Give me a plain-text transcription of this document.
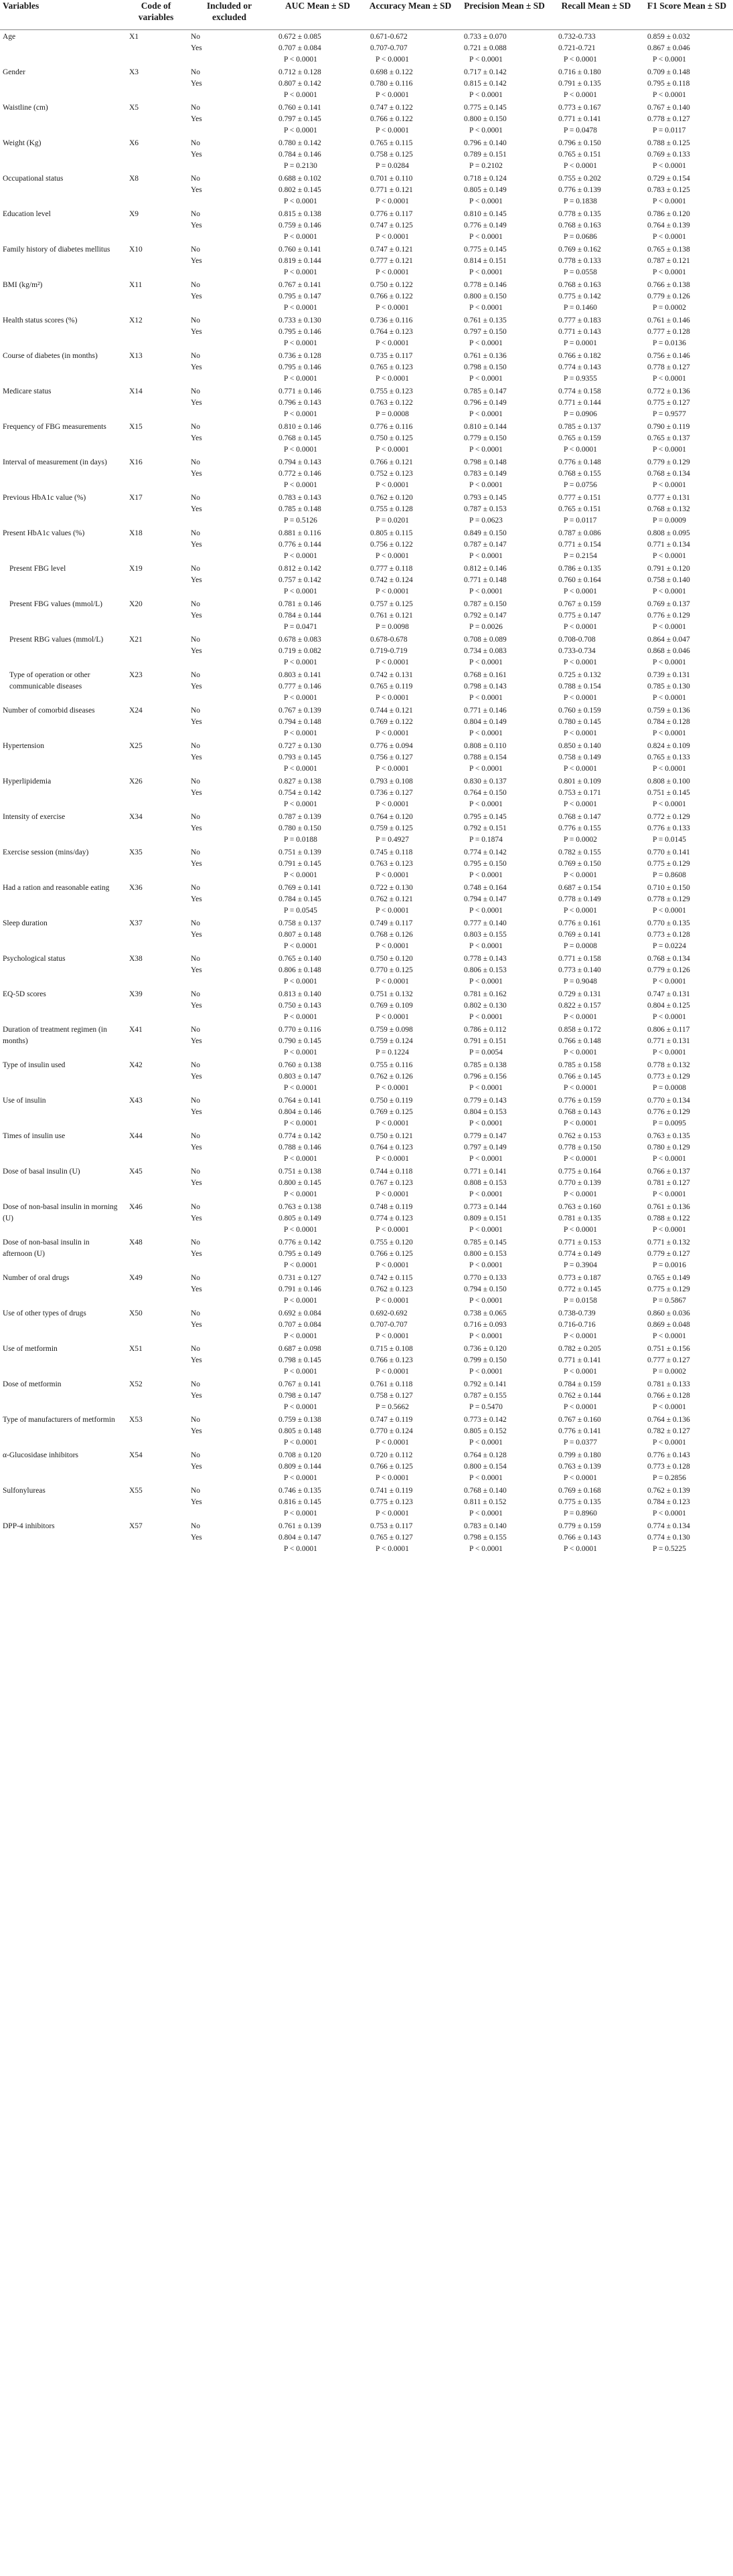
Variables	Code of variables	Included or excluded	AUC Mean ± SD	Accuracy Mean ± SD	Precision Mean ± SD	Recall Mean ± SD	F1 Score Mean ± SD
Age	X1	No	0.672 ± 0.085	0.671-0.672	0.733 ± 0.070	0.732-0.733	0.859 ± 0.032
		Yes	0.707 ± 0.084	0.707-0.707	0.721 ± 0.088	0.721-0.721	0.867 ± 0.046
			P < 0.0001	P < 0.0001	P < 0.0001	P < 0.0001	P < 0.0001
Gender	X3	No	0.712 ± 0.128	0.698 ± 0.122	0.717 ± 0.142	0.716 ± 0.180	0.709 ± 0.148
		Yes	0.807 ± 0.142	0.780 ± 0.116	0.815 ± 0.142	0.791 ± 0.135	0.795 ± 0.118
			P < 0.0001	P < 0.0001	P < 0.0001	P < 0.0001	P < 0.0001
Waistline (cm)	X5	No	0.760 ± 0.141	0.747 ± 0.122	0.775 ± 0.145	0.773 ± 0.167	0.767 ± 0.140
		Yes	0.797 ± 0.145	0.766 ± 0.122	0.800 ± 0.150	0.771 ± 0.141	0.778 ± 0.127
			P < 0.0001	P < 0.0001	P < 0.0001	P = 0.0478	P = 0.0117
Weight (Kg)	X6	No	0.780 ± 0.142	0.765 ± 0.115	0.796 ± 0.140	0.796 ± 0.150	0.788 ± 0.125
		Yes	0.784 ± 0.146	0.758 ± 0.125	0.789 ± 0.151	0.765 ± 0.151	0.769 ± 0.133
			P = 0.2130	P = 0.0284	P = 0.2102	P < 0.0001	P < 0.0001
Occupational status	X8	No	0.688 ± 0.102	0.701 ± 0.110	0.718 ± 0.124	0.755 ± 0.202	0.729 ± 0.154
		Yes	0.802 ± 0.145	0.771 ± 0.121	0.805 ± 0.149	0.776 ± 0.139	0.783 ± 0.125
			P < 0.0001	P < 0.0001	P < 0.0001	P = 0.1838	P < 0.0001
Education level	X9	No	0.815 ± 0.138	0.776 ± 0.117	0.810 ± 0.145	0.778 ± 0.135	0.786 ± 0.120
		Yes	0.759 ± 0.146	0.747 ± 0.125	0.776 ± 0.149	0.768 ± 0.163	0.764 ± 0.139
			P < 0.0001	P < 0.0001	P < 0.0001	P = 0.0686	P < 0.0001
Family history of diabetes mellitus	X10	No	0.760 ± 0.141	0.747 ± 0.121	0.775 ± 0.145	0.769 ± 0.162	0.765 ± 0.138
		Yes	0.819 ± 0.144	0.777 ± 0.121	0.814 ± 0.151	0.778 ± 0.133	0.787 ± 0.121
			P < 0.0001	P < 0.0001	P < 0.0001	P = 0.0558	P < 0.0001
BMI (kg/m²)	X11	No	0.767 ± 0.141	0.750 ± 0.122	0.778 ± 0.146	0.768 ± 0.163	0.766 ± 0.138
		Yes	0.795 ± 0.147	0.766 ± 0.122	0.800 ± 0.150	0.775 ± 0.142	0.779 ± 0.126
			P < 0.0001	P < 0.0001	P < 0.0001	P = 0.1460	P = 0.0002
Health status scores (%)	X12	No	0.733 ± 0.130	0.736 ± 0.116	0.761 ± 0.135	0.777 ± 0.183	0.761 ± 0.146
		Yes	0.795 ± 0.146	0.764 ± 0.123	0.797 ± 0.150	0.771 ± 0.143	0.777 ± 0.128
			P < 0.0001	P < 0.0001	P < 0.0001	P = 0.0001	P = 0.0136
Course of diabetes (in months)	X13	No	0.736 ± 0.128	0.735 ± 0.117	0.761 ± 0.136	0.766 ± 0.182	0.756 ± 0.146
		Yes	0.795 ± 0.146	0.765 ± 0.123	0.798 ± 0.150	0.774 ± 0.143	0.778 ± 0.127
			P < 0.0001	P < 0.0001	P < 0.0001	P = 0.9355	P < 0.0001
Medicare status	X14	No	0.771 ± 0.146	0.755 ± 0.123	0.785 ± 0.147	0.774 ± 0.158	0.772 ± 0.136
		Yes	0.796 ± 0.143	0.763 ± 0.122	0.796 ± 0.149	0.771 ± 0.144	0.775 ± 0.127
			P < 0.0001	P = 0.0008	P < 0.0001	P = 0.0906	P = 0.9577
Frequency of FBG measurements	X15	No	0.810 ± 0.146	0.776 ± 0.116	0.810 ± 0.144	0.785 ± 0.137	0.790 ± 0.119
		Yes	0.768 ± 0.145	0.750 ± 0.125	0.779 ± 0.150	0.765 ± 0.159	0.765 ± 0.137
			P < 0.0001	P < 0.0001	P < 0.0001	P < 0.0001	P < 0.0001
Interval of measurement (in days)	X16	No	0.794 ± 0.143	0.766 ± 0.121	0.798 ± 0.148	0.776 ± 0.148	0.779 ± 0.129
		Yes	0.772 ± 0.146	0.752 ± 0.123	0.783 ± 0.149	0.768 ± 0.155	0.768 ± 0.134
			P < 0.0001	P < 0.0001	P < 0.0001	P = 0.0756	P < 0.0001
Previous HbA1c value (%)	X17	No	0.783 ± 0.143	0.762 ± 0.120	0.793 ± 0.145	0.777 ± 0.151	0.777 ± 0.131
		Yes	0.785 ± 0.148	0.755 ± 0.128	0.787 ± 0.153	0.765 ± 0.151	0.768 ± 0.132
			P = 0.5126	P = 0.0201	P = 0.0623	P = 0.0117	P = 0.0009
Present HbA1c values (%)	X18	No	0.881 ± 0.116	0.805 ± 0.115	0.849 ± 0.150	0.787 ± 0.086	0.808 ± 0.095
		Yes	0.776 ± 0.144	0.756 ± 0.122	0.787 ± 0.147	0.771 ± 0.154	0.771 ± 0.134
			P < 0.0001	P < 0.0001	P < 0.0001	P = 0.2154	P < 0.0001
Present FBG level	X19	No	0.812 ± 0.142	0.777 ± 0.118	0.812 ± 0.146	0.786 ± 0.135	0.791 ± 0.120
		Yes	0.757 ± 0.142	0.742 ± 0.124	0.771 ± 0.148	0.760 ± 0.164	0.758 ± 0.140
			P < 0.0001	P < 0.0001	P < 0.0001	P < 0.0001	P < 0.0001
Present FBG values (mmol/L)	X20	No	0.781 ± 0.146	0.757 ± 0.125	0.787 ± 0.150	0.767 ± 0.159	0.769 ± 0.137
		Yes	0.784 ± 0.144	0.761 ± 0.121	0.792 ± 0.147	0.775 ± 0.147	0.776 ± 0.129
			P = 0.0471	P = 0.0098	P = 0.0026	P < 0.0001	P < 0.0001
Present RBG values (mmol/L)	X21	No	0.678 ± 0.083	0.678-0.678	0.708 ± 0.089	0.708-0.708	0.864 ± 0.047
		Yes	0.719 ± 0.082	0.719-0.719	0.734 ± 0.083	0.733-0.734	0.868 ± 0.046
			P < 0.0001	P < 0.0001	P < 0.0001	P < 0.0001	P < 0.0001
Type of operation or other communicable diseases	X23	No	0.803 ± 0.141	0.742 ± 0.131	0.768 ± 0.161	0.725 ± 0.132	0.739 ± 0.131
		Yes	0.777 ± 0.146	0.765 ± 0.119	0.798 ± 0.143	0.788 ± 0.154	0.785 ± 0.130
			P < 0.0001	P < 0.0001	P < 0.0001	P < 0.0001	P < 0.0001
Number of comorbid diseases	X24	No	0.767 ± 0.139	0.744 ± 0.121	0.771 ± 0.146	0.760 ± 0.159	0.759 ± 0.136
		Yes	0.794 ± 0.148	0.769 ± 0.122	0.804 ± 0.149	0.780 ± 0.145	0.784 ± 0.128
			P < 0.0001	P < 0.0001	P < 0.0001	P < 0.0001	P < 0.0001
Hypertension	X25	No	0.727 ± 0.130	0.776 ± 0.094	0.808 ± 0.110	0.850 ± 0.140	0.824 ± 0.109
		Yes	0.793 ± 0.145	0.756 ± 0.127	0.788 ± 0.154	0.758 ± 0.149	0.765 ± 0.133
			P < 0.0001	P < 0.0001	P < 0.0001	P < 0.0001	P < 0.0001
Hyperlipidemia	X26	No	0.827 ± 0.138	0.793 ± 0.108	0.830 ± 0.137	0.801 ± 0.109	0.808 ± 0.100
		Yes	0.754 ± 0.142	0.736 ± 0.127	0.764 ± 0.150	0.753 ± 0.171	0.751 ± 0.145
			P < 0.0001	P < 0.0001	P < 0.0001	P < 0.0001	P < 0.0001
Intensity of exercise	X34	No	0.787 ± 0.139	0.764 ± 0.120	0.795 ± 0.145	0.768 ± 0.147	0.772 ± 0.129
		Yes	0.780 ± 0.150	0.759 ± 0.125	0.792 ± 0.151	0.776 ± 0.155	0.776 ± 0.133
			P = 0.0188	P = 0.4927	P = 0.1874	P = 0.0002	P = 0.0145
Exercise session (mins/day)	X35	No	0.751 ± 0.139	0.745 ± 0.118	0.774 ± 0.142	0.782 ± 0.155	0.770 ± 0.141
		Yes	0.791 ± 0.145	0.763 ± 0.123	0.795 ± 0.150	0.769 ± 0.150	0.775 ± 0.129
			P < 0.0001	P < 0.0001	P < 0.0001	P < 0.0001	P = 0.8608
Had a ration and reasonable eating	X36	No	0.769 ± 0.141	0.722 ± 0.130	0.748 ± 0.164	0.687 ± 0.154	0.710 ± 0.150
		Yes	0.784 ± 0.145	0.762 ± 0.121	0.794 ± 0.147	0.778 ± 0.149	0.778 ± 0.129
			P = 0.0545	P < 0.0001	P < 0.0001	P < 0.0001	P < 0.0001
Sleep duration	X37	No	0.758 ± 0.137	0.749 ± 0.117	0.777 ± 0.140	0.776 ± 0.161	0.770 ± 0.135
		Yes	0.807 ± 0.148	0.768 ± 0.126	0.803 ± 0.155	0.769 ± 0.141	0.773 ± 0.128
			P < 0.0001	P < 0.0001	P < 0.0001	P = 0.0008	P = 0.0224
Psychological status	X38	No	0.765 ± 0.140	0.750 ± 0.120	0.778 ± 0.143	0.771 ± 0.158	0.768 ± 0.134
		Yes	0.806 ± 0.148	0.770 ± 0.125	0.806 ± 0.153	0.773 ± 0.140	0.779 ± 0.126
			P < 0.0001	P < 0.0001	P < 0.0001	P = 0.9048	P < 0.0001
EQ-5D scores	X39	No	0.813 ± 0.140	0.751 ± 0.132	0.781 ± 0.162	0.729 ± 0.131	0.747 ± 0.131
		Yes	0.750 ± 0.143	0.769 ± 0.109	0.802 ± 0.130	0.822 ± 0.157	0.804 ± 0.125
			P < 0.0001	P < 0.0001	P < 0.0001	P < 0.0001	P < 0.0001
Duration of treatment regimen (in months)	X41	No	0.770 ± 0.116	0.759 ± 0.098	0.786 ± 0.112	0.858 ± 0.172	0.806 ± 0.117
		Yes	0.790 ± 0.145	0.759 ± 0.124	0.791 ± 0.151	0.766 ± 0.148	0.771 ± 0.131
			P < 0.0001	P = 0.1224	P = 0.0054	P < 0.0001	P < 0.0001
Type of insulin used	X42	No	0.760 ± 0.138	0.755 ± 0.116	0.785 ± 0.138	0.785 ± 0.158	0.778 ± 0.132
		Yes	0.803 ± 0.147	0.762 ± 0.126	0.796 ± 0.156	0.766 ± 0.145	0.773 ± 0.129
			P < 0.0001	P < 0.0001	P < 0.0001	P < 0.0001	P = 0.0008
Use of insulin	X43	No	0.764 ± 0.141	0.750 ± 0.119	0.779 ± 0.143	0.776 ± 0.159	0.770 ± 0.134
		Yes	0.804 ± 0.146	0.769 ± 0.125	0.804 ± 0.153	0.768 ± 0.143	0.776 ± 0.129
			P < 0.0001	P < 0.0001	P < 0.0001	P < 0.0001	P = 0.0095
Times of insulin use	X44	No	0.774 ± 0.142	0.750 ± 0.121	0.779 ± 0.147	0.762 ± 0.153	0.763 ± 0.135
		Yes	0.788 ± 0.146	0.764 ± 0.123	0.797 ± 0.149	0.778 ± 0.150	0.780 ± 0.129
			P < 0.0001	P < 0.0001	P < 0.0001	P < 0.0001	P < 0.0001
Dose of basal insulin (U)	X45	No	0.751 ± 0.138	0.744 ± 0.118	0.771 ± 0.141	0.775 ± 0.164	0.766 ± 0.137
		Yes	0.800 ± 0.145	0.767 ± 0.123	0.808 ± 0.153	0.770 ± 0.139	0.781 ± 0.127
			P < 0.0001	P < 0.0001	P < 0.0001	P < 0.0001	P < 0.0001
Dose of non-basal insulin in morning (U)	X46	No	0.763 ± 0.138	0.748 ± 0.119	0.773 ± 0.144	0.763 ± 0.160	0.761 ± 0.136
		Yes	0.805 ± 0.149	0.774 ± 0.123	0.809 ± 0.151	0.781 ± 0.135	0.788 ± 0.122
			P < 0.0001	P < 0.0001	P < 0.0001	P < 0.0001	P < 0.0001
Dose of non-basal insulin in afternoon (U)	X48	No	0.776 ± 0.142	0.755 ± 0.120	0.785 ± 0.145	0.771 ± 0.153	0.771 ± 0.132
		Yes	0.795 ± 0.149	0.766 ± 0.125	0.800 ± 0.153	0.774 ± 0.149	0.779 ± 0.127
			P < 0.0001	P < 0.0001	P < 0.0001	P = 0.3904	P = 0.0016
Number of oral drugs	X49	No	0.731 ± 0.127	0.742 ± 0.115	0.770 ± 0.133	0.773 ± 0.187	0.765 ± 0.149
		Yes	0.791 ± 0.146	0.762 ± 0.123	0.794 ± 0.150	0.772 ± 0.145	0.775 ± 0.129
			P < 0.0001	P < 0.0001	P < 0.0001	P = 0.0158	P = 0.5867
Use of other types of drugs	X50	No	0.692 ± 0.084	0.692-0.692	0.738 ± 0.065	0.738-0.739	0.860 ± 0.036
		Yes	0.707 ± 0.084	0.707-0.707	0.716 ± 0.093	0.716-0.716	0.869 ± 0.048
			P < 0.0001	P < 0.0001	P < 0.0001	P < 0.0001	P < 0.0001
Use of metformin	X51	No	0.687 ± 0.098	0.715 ± 0.108	0.736 ± 0.120	0.782 ± 0.205	0.751 ± 0.156
		Yes	0.798 ± 0.145	0.766 ± 0.123	0.799 ± 0.150	0.771 ± 0.141	0.777 ± 0.127
			P < 0.0001	P < 0.0001	P < 0.0001	P < 0.0001	P = 0.0002
Dose of metformin	X52	No	0.767 ± 0.141	0.761 ± 0.118	0.792 ± 0.141	0.784 ± 0.159	0.781 ± 0.133
		Yes	0.798 ± 0.147	0.758 ± 0.127	0.787 ± 0.155	0.762 ± 0.144	0.766 ± 0.128
			P < 0.0001	P = 0.5662	P = 0.5470	P < 0.0001	P < 0.0001
Type of manufacturers of metformin	X53	No	0.759 ± 0.138	0.747 ± 0.119	0.773 ± 0.142	0.767 ± 0.160	0.764 ± 0.136
		Yes	0.805 ± 0.148	0.770 ± 0.124	0.805 ± 0.152	0.776 ± 0.141	0.782 ± 0.127
			P < 0.0001	P < 0.0001	P < 0.0001	P = 0.0377	P < 0.0001
α-Glucosidase inhibitors	X54	No	0.708 ± 0.120	0.720 ± 0.112	0.764 ± 0.128	0.799 ± 0.180	0.776 ± 0.143
		Yes	0.809 ± 0.144	0.766 ± 0.125	0.800 ± 0.154	0.763 ± 0.139	0.773 ± 0.128
			P < 0.0001	P < 0.0001	P < 0.0001	P < 0.0001	P = 0.2856
Sulfonylureas	X55	No	0.746 ± 0.135	0.741 ± 0.119	0.768 ± 0.140	0.769 ± 0.168	0.762 ± 0.139
		Yes	0.816 ± 0.145	0.775 ± 0.123	0.811 ± 0.152	0.775 ± 0.135	0.784 ± 0.123
			P < 0.0001	P < 0.0001	P < 0.0001	P = 0.8960	P < 0.0001
DPP-4 inhibitors	X57	No	0.761 ± 0.139	0.753 ± 0.117	0.783 ± 0.140	0.779 ± 0.159	0.774 ± 0.134
		Yes	0.804 ± 0.147	0.765 ± 0.127	0.798 ± 0.155	0.766 ± 0.143	0.774 ± 0.130
			P < 0.0001	P < 0.0001	P < 0.0001	P < 0.0001	P = 0.5225
